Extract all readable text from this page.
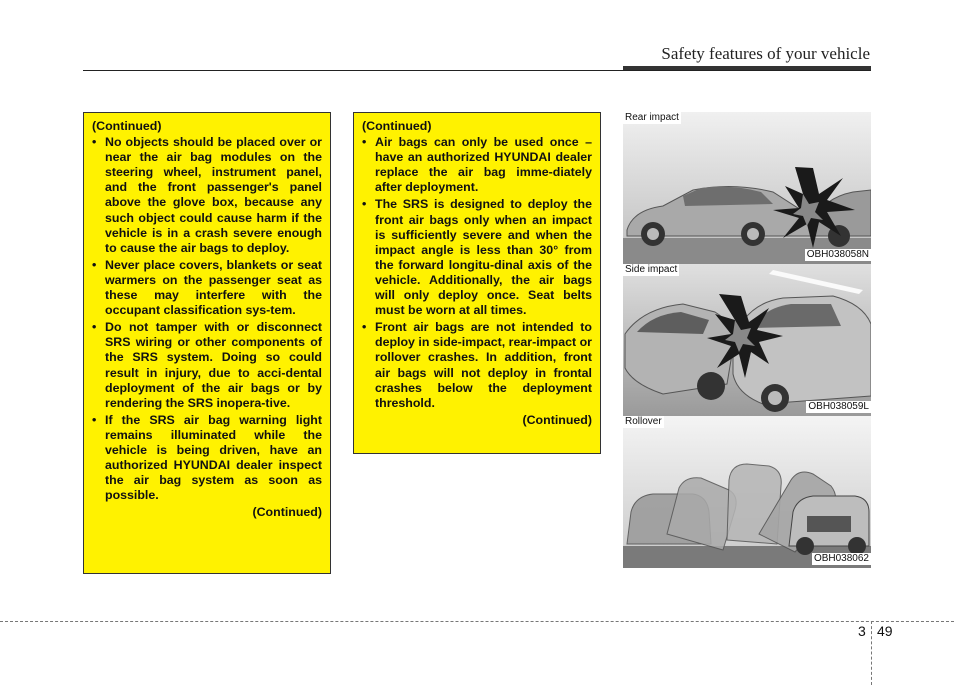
Safety features of your vehicle
(Continued)
• No objects should be placed over or near the air bag modules on the steering wheel, instrument panel, and the front passenger's panel above the glove box, because any such object could cause harm if the vehicle is in a crash severe enough to cause the air bags to deploy.
• Never place covers, blankets or seat warmers on the passenger seat as these may interfere with the occupant classification sys-tem.
• Do not tamper with or disconnect SRS wiring or other components of the SRS system. Doing so could result in injury, due to acci-dental deployment of the air bags or by rendering the SRS inopera-tive.
• If the SRS air bag warning light remains illuminated while the vehicle is being driven, have an authorized HYUNDAI dealer inspect the air bag system as soon as possible.
(Continued)
(Continued)
• Air bags can only be used once – have an authorized HYUNDAI dealer replace the air bag imme-diately after deployment.
• The SRS is designed to deploy the front air bags only when an impact is sufficiently severe and when the impact angle is less than 30° from the forward longitu-dinal axis of the vehicle. Additionally, the air bags will only deploy once. Seat belts must be worn at all times.
• Front air bags are not intended to deploy in side-impact, rear-impact or rollover crashes. In addition, front air bags will not deploy in frontal crashes below the deployment threshold.
(Continued)
Rear impact
OBH038058N
Side impact
OBH038059L
Rollover
OBH038062
3 49
